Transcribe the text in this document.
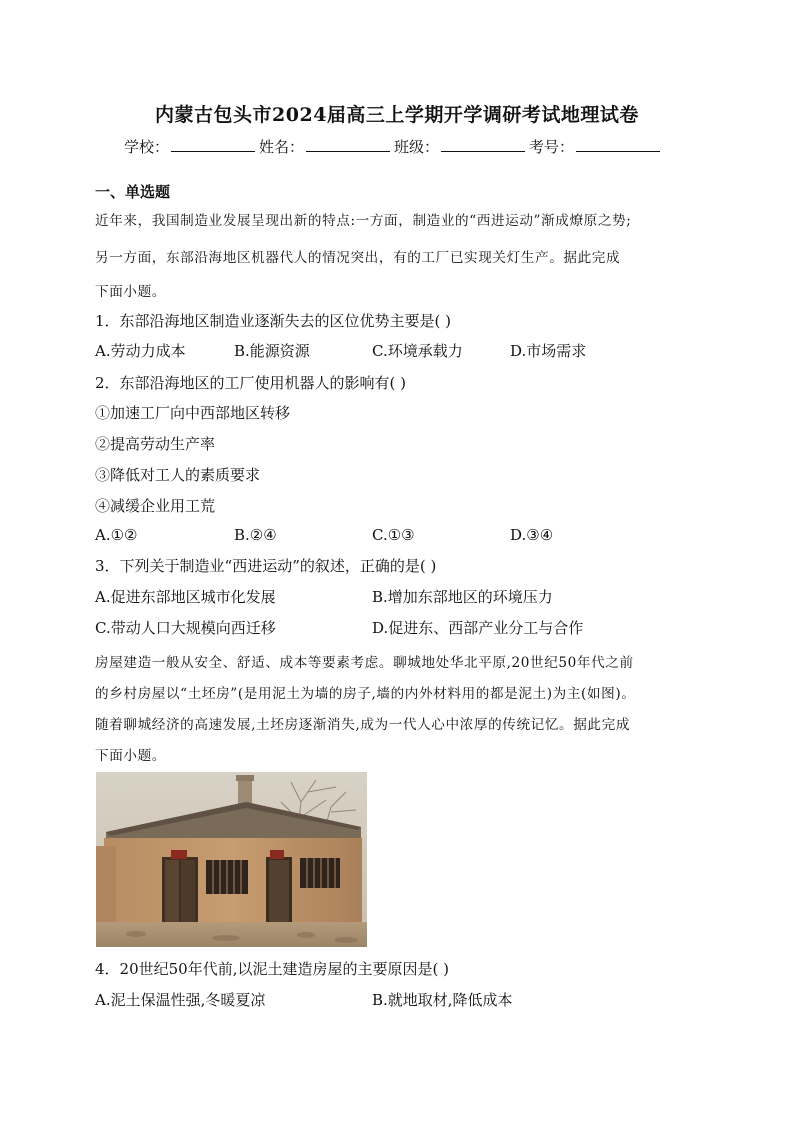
内蒙古包头市2024届高三上学期开学调研考试地理试卷
学校：	姓名：	班级：	考号：
一、单选题
近年来，我国制造业发展呈现出新的特点:一方面，制造业的“西进运动”渐成燎原之势;
另一方面，东部沿海地区机器代人的情况突出，有的工厂已实现关灯生产。据此完成
下面小题。
1．东部沿海地区制造业逐渐失去的区位优势主要是( )
A.劳动力成本	B.能源资源	C.环境承载力	D.市场需求
2．东部沿海地区的工厂使用机器人的影响有( )
①加速工厂向中西部地区转移
②提高劳动生产率
③降低对工人的素质要求
④减缓企业用工荒
A.①②	B.②④	C.①③	D.③④
3．下列关于制造业“西进运动”的叙述，正确的是( )
A.促进东部地区城市化发展	B.增加东部地区的环境压力
C.带动人口大规模向西迁移	D.促进东、西部产业分工与合作
房屋建造一般从安全、舒适、成本等要素考虑。聊城地处华北平原,20世纪50年代之前
的乡村房屋以“土坯房”(是用泥土为墙的房子,墙的内外材料用的都是泥土)为主(如图)。
随着聊城经济的高速发展,土坯房逐渐消失,成为一代人心中浓厚的传统记忆。据此完成
下面小题。
4．20世纪50年代前,以泥土建造房屋的主要原因是( )
A.泥土保温性强,冬暖夏凉	B.就地取材,降低成本
